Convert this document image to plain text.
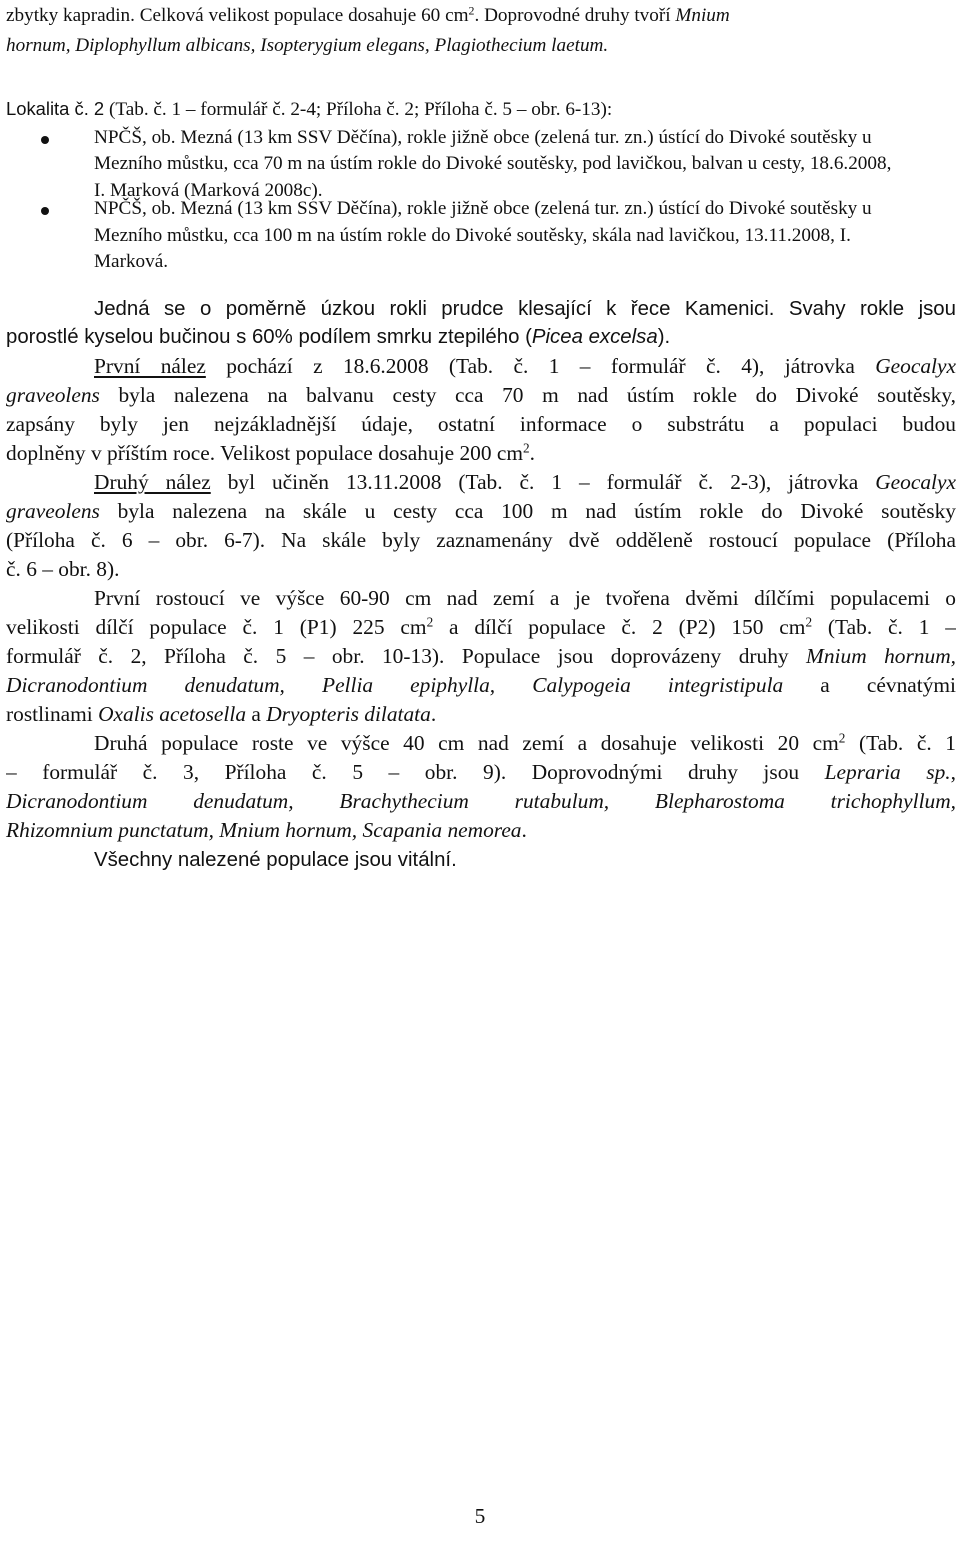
zbytky kapradin. Celková velikost populace dosahuje 60 $cm^2$. Doprovodné druhy tvoří Mnium
hornum, Diplophyllum albicans, Isopterygium elegans, Plagiothecium laetum.
Lokalita č. 2 (Tab. č. 1 – formulář č. 2-4; Příloha č. 2; Příloha č. 5 – obr. 6-13):
NPČŠ, ob. Mezná (13 km SSV Děčína), rokle jižně obce (zelená tur. zn.) ústící do Divoké soutěsky u
Mezního můstku, cca 70 m na ústím rokle do Divoké soutěsky, pod lavičkou, balvan u cesty, 18.6.2008,
I. Marková (Marková 2008c).
NPČŠ, ob. Mezná (13 km SSV Děčína), rokle jižně obce (zelená tur. zn.) ústící do Divoké soutěsky u
Mezního můstku, cca 100 m na ústím rokle do Divoké soutěsky, skála nad lavičkou, 13.11.2008, I.
Marková.
Jedná se o poměrně úzkou rokli prudce klesající k řece Kamenici. Svahy rokle jsou
porostlé kyselou bučinou s 60% podílem smrku ztepilého (Picea excelsa).
První nález pochází z 18.6.2008 (Tab. č. 1 – formulář č. 4), játrovka Geocalyx
graveolens byla nalezena na balvanu cesty cca 70 m nad ústím rokle do Divoké soutěsky,
zapsány byly jen nejzákladnější údaje, ostatní informace o substrátu a populaci budou
doplněny v příštím roce. Velikost populace dosahuje 200 $cm^2$.
Druhý nález byl učiněn 13.11.2008 (Tab. č. 1 – formulář č. 2-3), játrovka Geocalyx
graveolens byla nalezena na skále u cesty cca 100 m nad ústím rokle do Divoké soutěsky
(Příloha č. 6 – obr. 6-7). Na skále byly zaznamenány dvě odděleně rostoucí populace (Příloha
č. 6 – obr. 8).
První rostoucí ve výšce 60-90 cm nad zemí a je tvořena dvěmi dílčími populacemi o
velikosti dílčí populace č. 1 (P1) 225 $cm^2$ a dílčí populace č. 2 (P2) 150 $cm^2$ (Tab. č. 1 –
formulář č. 2, Příloha č. 5 – obr. 10-13). Populace jsou doprovázeny druhy Mnium hornum,
Dicranodontium denudatum, Pellia epiphylla, Calypogeia integristipula a cévnatými
rostlinami Oxalis acetosella a Dryopteris dilatata.
Druhá populace roste ve výšce 40 cm nad zemí a dosahuje velikosti 20 $cm^2$ (Tab. č. 1
– formulář č. 3, Příloha č. 5 – obr. 9). Doprovodnými druhy jsou Lepraria sp.,
Dicranodontium denudatum, Brachythecium rutabulum, Blepharostoma trichophyllum,
Rhizomnium punctatum, Mnium hornum, Scapania nemorea.
Všechny nalezené populace jsou vitální.
5
